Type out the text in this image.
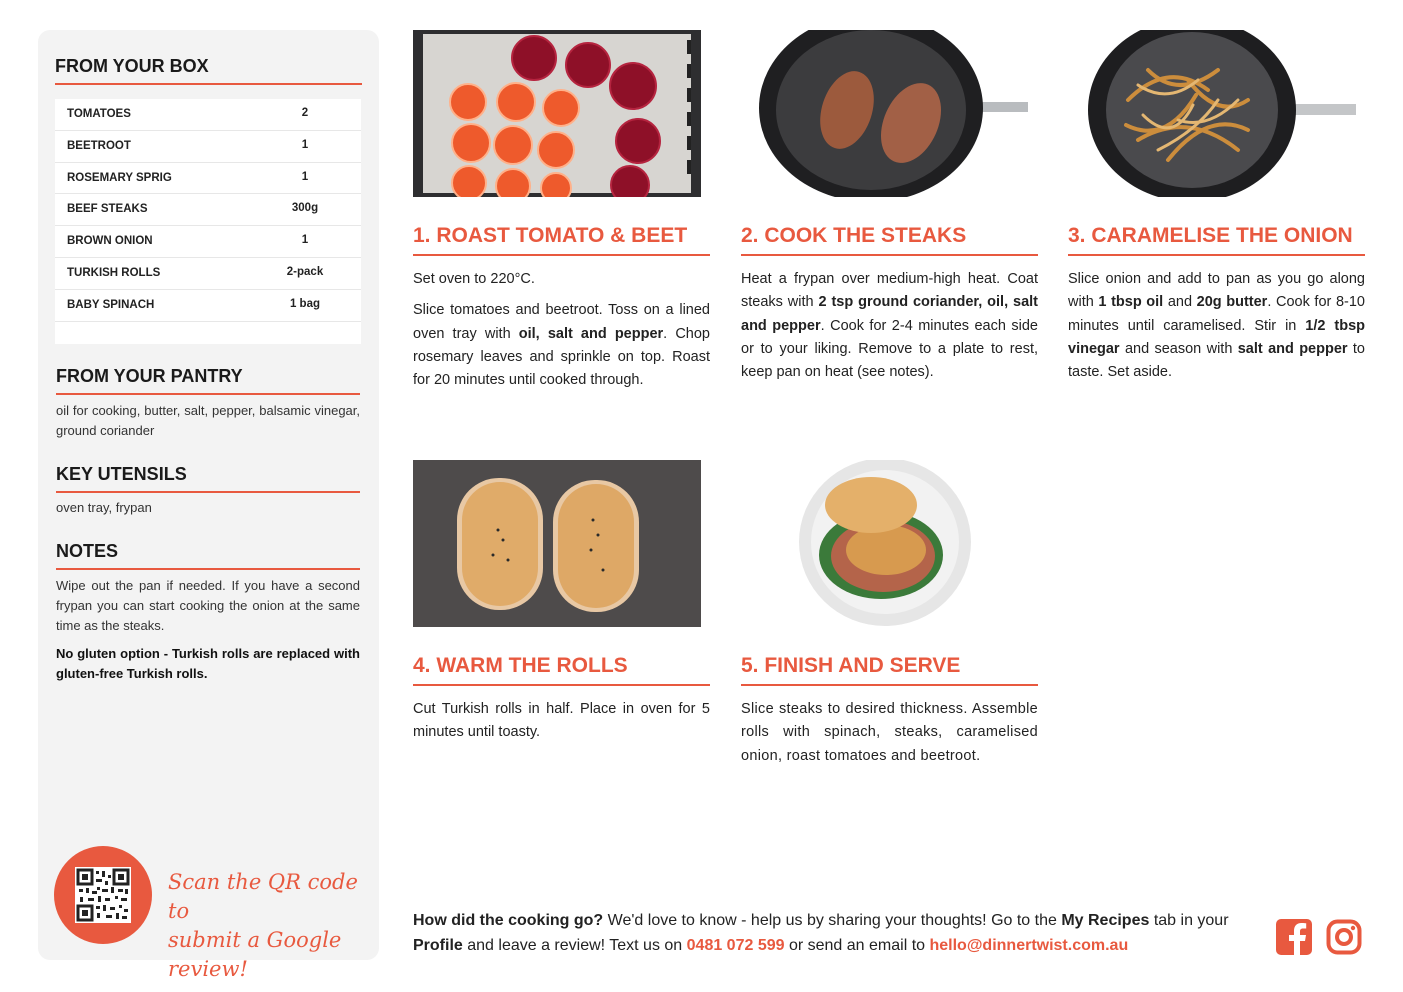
FROM YOUR BOX
TOMATOES	2
BEETROOT	1
ROSEMARY SPRIG	1
BEEF STEAKS	300g
BROWN ONION	1
TURKISH ROLLS	2-pack
BABY SPINACH	1 bag
FROM YOUR PANTRY
oil for cooking, butter, salt, pepper, balsamic vinegar, ground coriander
KEY UTENSILS
oven tray, frypan
NOTES
Wipe out the pan if needed. If you have a second frypan you can start cooking the onion at the same time as the steaks.
No gluten option - Turkish rolls are replaced with gluten-free Turkish rolls.
Scan the QR code to
submit a Google review!
1. ROAST TOMATO & BEET	2. COOK THE STEAKS	3. CARAMELISE THE ONION
4. WARM THE ROLLS	5. FINISH AND SERVE

Set oven to 220°C.

Slice tomatoes and beetroot. Toss on a lined oven tray with oil, salt and pepper. Chop rosemary leaves and sprinkle on top. Roast for 20 minutes until cooked through.

Heat a frypan over medium-high heat. Coat steaks with 2 tsp ground coriander, oil, salt and pepper. Cook for 2-4 minutes each side or to your liking. Remove to a plate to rest, keep pan on heat (see notes).

Slice onion and add to pan as you go along with 1 tbsp oil and 20g butter. Cook for 8-10 minutes until caramelised. Stir in 1/2 tbsp vinegar and season with salt and pepper to taste. Set aside.

Cut Turkish rolls in half. Place in oven for 5 minutes until toasty.

Slice steaks to desired thickness. Assemble rolls with spinach, steaks, caramelised onion, roast tomatoes and beetroot.

How did the cooking go? We'd love to know - help us by sharing your thoughts! Go to the My Recipes tab in your Profile and leave a review! Text us on 0481 072 599 or send an email to hello@dinnertwist.com.au
